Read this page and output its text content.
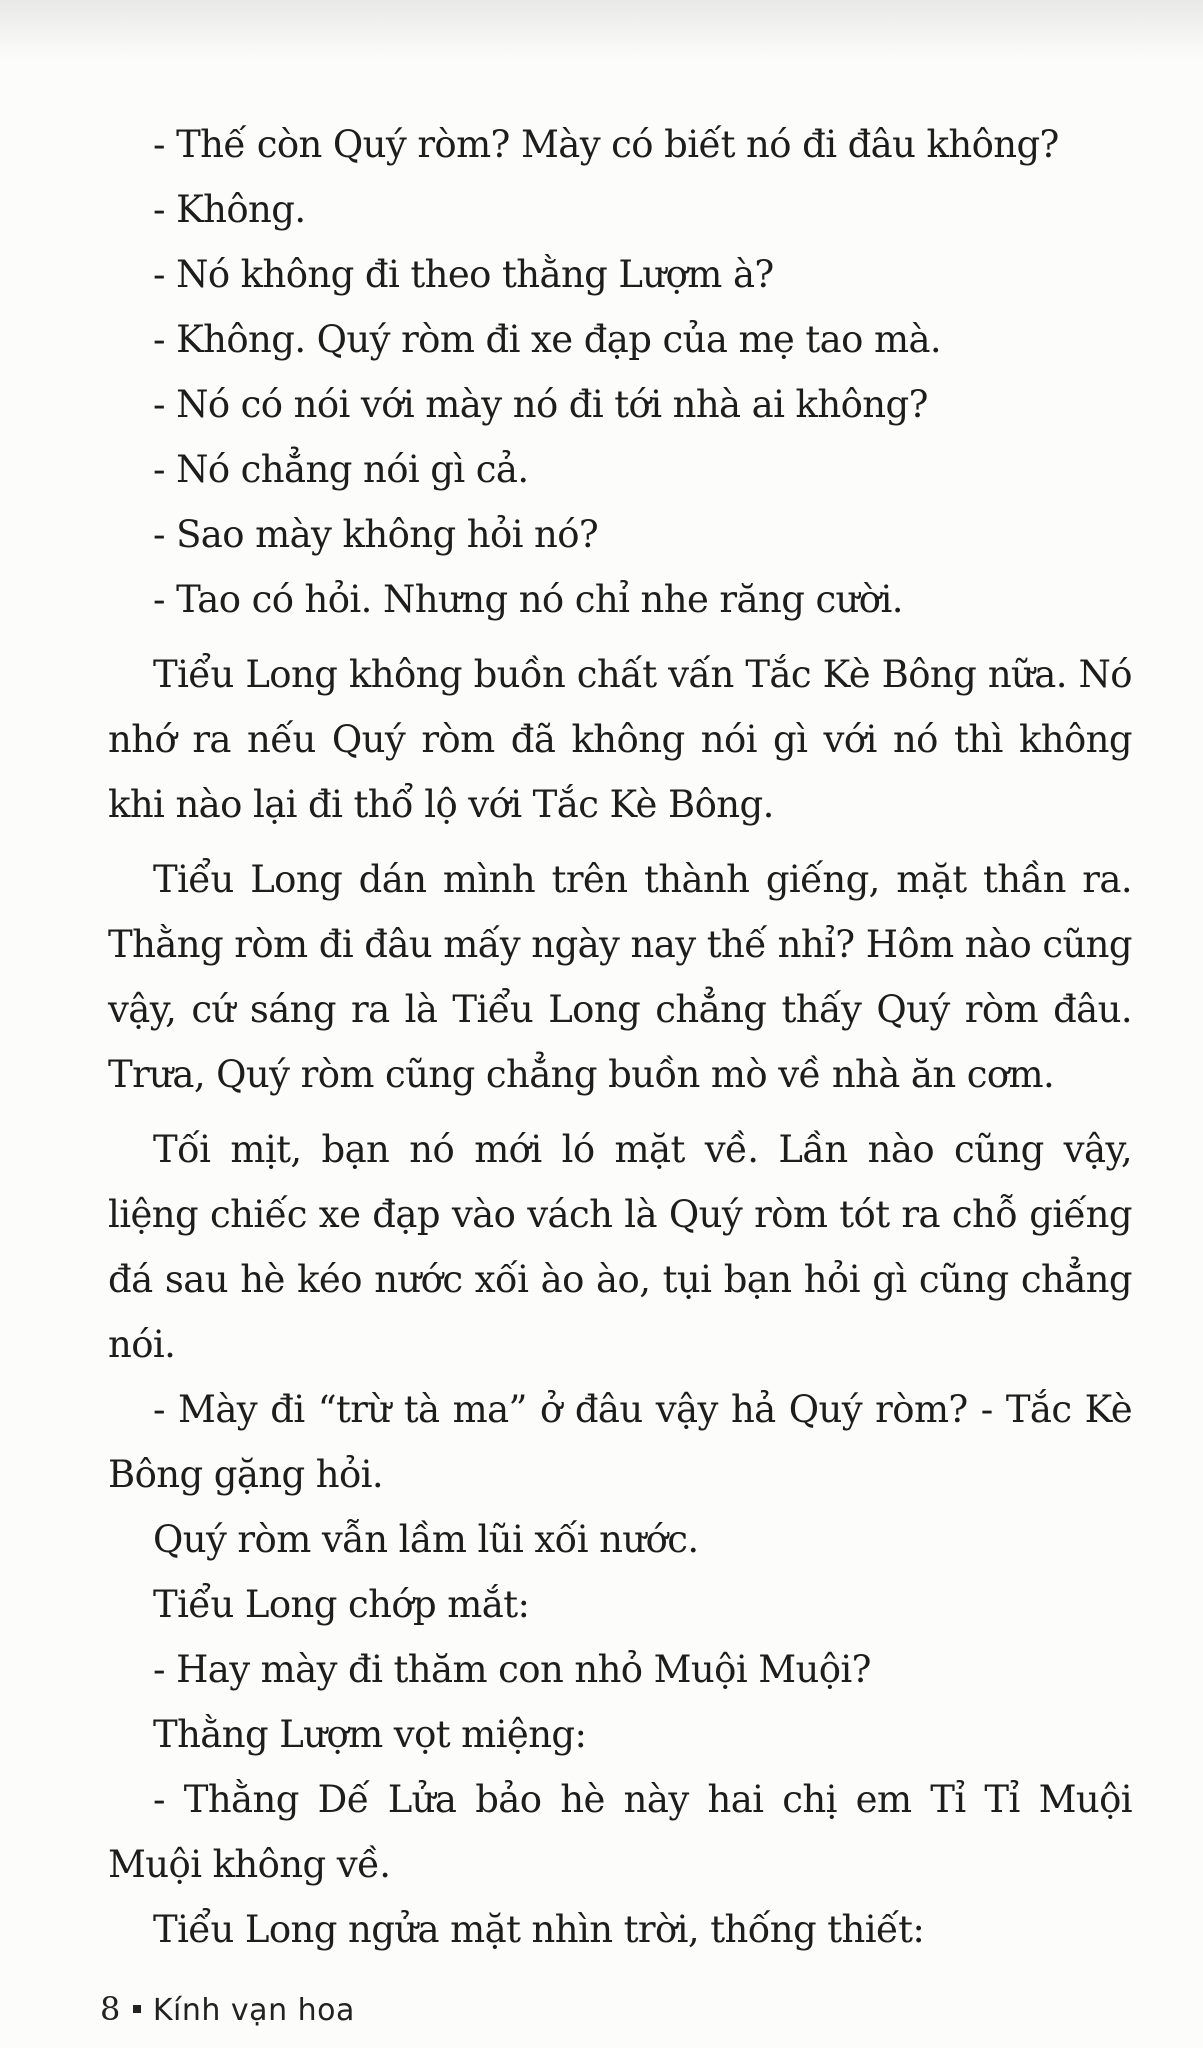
- Thế còn Quý ròm? Mày có biết nó đi đâu không?

- Không.

- Nó không đi theo thằng Lượm à?

- Không. Quý ròm đi xe đạp của mẹ tao mà.

- Nó có nói với mày nó đi tới nhà ai không?

- Nó chẳng nói gì cả.

- Sao mày không hỏi nó?

- Tao có hỏi. Nhưng nó chỉ nhe răng cười.

Tiểu Long không buồn chất vấn Tắc Kè Bông nữa. Nó nhớ ra nếu Quý ròm đã không nói gì với nó thì không khi nào lại đi thổ lộ với Tắc Kè Bông.

Tiểu Long dán mình trên thành giếng, mặt thần ra. Thằng ròm đi đâu mấy ngày nay thế nhỉ? Hôm nào cũng vậy, cứ sáng ra là Tiểu Long chẳng thấy Quý ròm đâu. Trưa, Quý ròm cũng chẳng buồn mò về nhà ăn cơm.

Tối mịt, bạn nó mới ló mặt về. Lần nào cũng vậy, liệng chiếc xe đạp vào vách là Quý ròm tót ra chỗ giếng đá sau hè kéo nước xối ào ào, tụi bạn hỏi gì cũng chẳng nói.

- Mày đi “trừ tà ma” ở đâu vậy hả Quý ròm? - Tắc Kè Bông gặng hỏi.

Quý ròm vẫn lầm lũi xối nước.

Tiểu Long chớp mắt:

- Hay mày đi thăm con nhỏ Muội Muội?

Thằng Lượm vọt miệng:

- Thằng Dế Lửa bảo hè này hai chị em Tỉ Tỉ Muội Muội không về.

Tiểu Long ngửa mặt nhìn trời, thống thiết:

8 Kính vạn hoa
